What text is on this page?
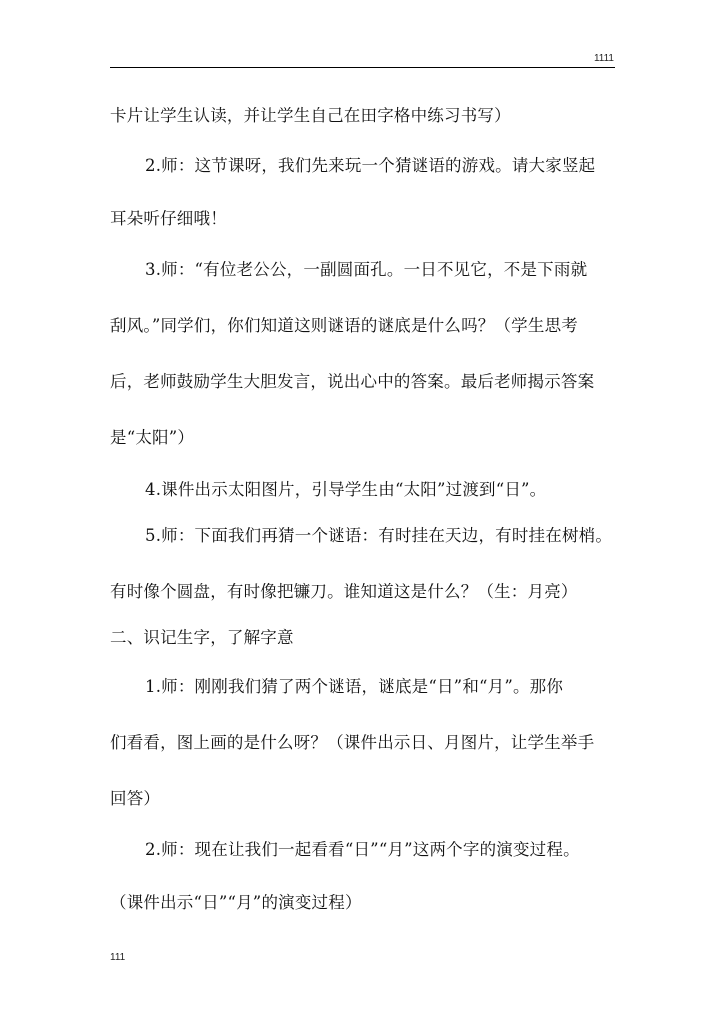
1111
卡片让学生认读，并让学生自己在田字格中练习书写）
2.师：这节课呀，我们先来玩一个猜谜语的游戏。请大家竖起
耳朵听仔细哦！
3.师：“有位老公公，一副圆面孔。一日不见它，不是下雨就
刮风。”同学们，你们知道这则谜语的谜底是什么吗？（学生思考
后，老师鼓励学生大胆发言，说出心中的答案。最后老师揭示答案
是“太阳”）
4.课件出示太阳图片，引导学生由“太阳”过渡到“日”。
5.师：下面我们再猜一个谜语：有时挂在天边，有时挂在树梢。
有时像个圆盘，有时像把镰刀。谁知道这是什么？（生：月亮）
二、识记生字，了解字意
1.师：刚刚我们猜了两个谜语，谜底是“日”和“月”。那你
们看看，图上画的是什么呀？（课件出示日、月图片，让学生举手
回答）
2.师：现在让我们一起看看“日”“月”这两个字的演变过程。
（课件出示“日”“月”的演变过程）
111
